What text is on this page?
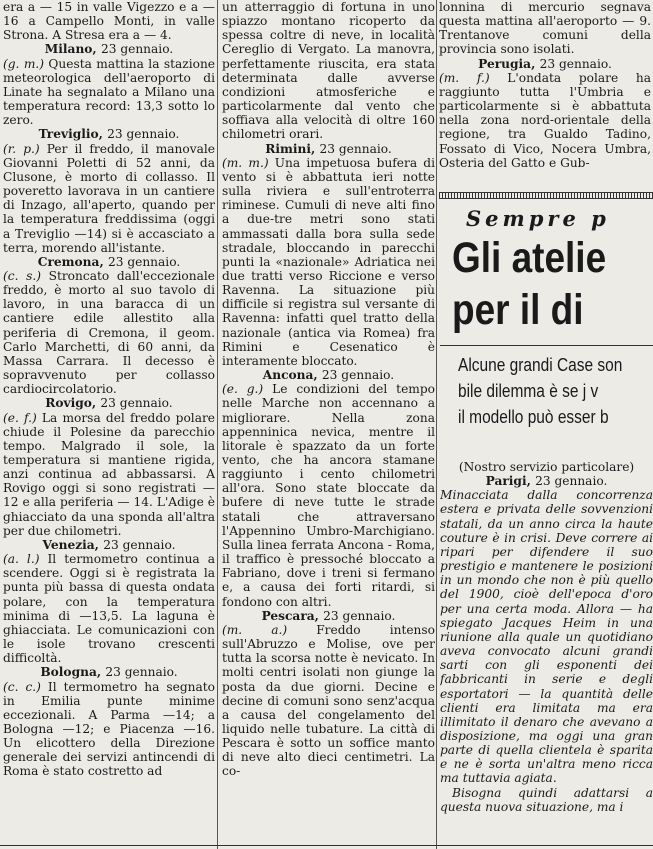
era a — 15 in valle Vigezzo e a — 16 a Campello Monti, in valle Strona. A Stresa era a — 4.

Milano, 23 gennaio.

(g. m.) Questa mattina la stazione meteorologica dell'aeroporto di Linate ha segnalato a Milano una temperatura record: 13,3 sotto lo zero.

Treviglio, 23 gennaio.

(r. p.) Per il freddo, il manovale Giovanni Poletti di 52 anni, da Clusone, è morto di collasso. Il poveretto lavorava in un cantiere di Inzago, all'aperto, quando per la temperatura freddissima (oggi a Treviglio —14) si è accasciato a terra, morendo all'istante.

Cremona, 23 gennaio.

(c. s.) Stroncato dall'eccezionale freddo, è morto al suo tavolo di lavoro, in una baracca di un cantiere edile allestito alla periferia di Cremona, il geom. Carlo Marchetti, di 60 anni, da Massa Carrara. Il decesso è sopravvenuto per collasso cardiocircolatorio.

Rovigo, 23 gennaio.

(e. f.) La morsa del freddo polare chiude il Polesine da parecchio tempo. Malgrado il sole, la temperatura si mantiene rigida, anzi continua ad abbassarsi. A Rovigo oggi si sono registrati — 12 e alla periferia — 14. L'Adige è ghiacciato da una sponda all'altra per due chilometri.

Venezia, 23 gennaio.

(a. l.) Il termometro continua a scendere. Oggi si è registrata la punta più bassa di questa ondata polare, con la temperatura minima di —13,5. La laguna è ghiacciata. Le comunicazioni con le isole trovano crescenti difficoltà.

Bologna, 23 gennaio.

(c. c.) Il termometro ha segnato in Emilia punte minime eccezionali. A Parma —14; a Bologna —12; e Piacenza —16. Un elicottero della Direzione generale dei servizi antincendi di Roma è stato costretto ad

un atterraggio di fortuna in uno spiazzo montano ricoperto da spessa coltre di neve, in località Cereglio di Vergato. La manovra, perfettamente riuscita, era stata determinata dalle avverse condizioni atmosferiche e particolarmente dal vento che soffiava alla velocità di oltre 160 chilometri orari.

Rimini, 23 gennaio.

(m. m.) Una impetuosa bufera di vento si è abbattuta ieri notte sulla riviera e sull'entroterra riminese. Cumuli di neve alti fino a due-tre metri sono stati ammassati dalla bora sulla sede stradale, bloccando in parecchi punti la «nazionale» Adriatica nei due tratti verso Riccione e verso Ravenna. La situazione più difficile si registra sul versante di Ravenna: infatti quel tratto della nazionale (antica via Romea) fra Rimini e Cesenatico è interamente bloccato.

Ancona, 23 gennaio.

(e. g.) Le condizioni del tempo nelle Marche non accennano a migliorare. Nella zona appenninica nevica, mentre il litorale è spazzato da un forte vento, che ha ancora stamane raggiunto i cento chilometri all'ora. Sono state bloccate da bufere di neve tutte le strade statali che attraversano l'Appennino Umbro-Marchigiano. Sulla linea ferrata Ancona - Roma, il traffico è pressoché bloccato a Fabriano, dove i treni si fermano e, a causa dei forti ritardi, si fondono con altri.

Pescara, 23 gennaio.

(m. a.) Freddo intenso sull'Abruzzo e Molise, ove per tutta la scorsa notte è nevicato. In molti centri isolati non giunge la posta da due giorni. Decine e decine di comuni sono senz'acqua a causa del congelamento del liquido nelle tubature. La città di Pescara è sotto un soffice manto di neve alto dieci centimetri. La co-

lonnina di mercurio segnava questa mattina all'aeroporto — 9. Trentanove comuni della provincia sono isolati.

Perugia, 23 gennaio.

(m. f.) L'ondata polare ha raggiunto tutta l'Umbria e particolarmente si è abbattuta nella zona nord-orientale della regione, tra Gualdo Tadino, Fossato di Vico, Nocera Umbra, Osteria del Gatto e Gub-

Sempre p
Gli atelie
per il di
Alcune grandi Case son
bile dilemma è se j v
il modello può esser b

(Nostro servizio particolare)

Parigi, 23 gennaio.

Minacciata dalla concorrenza estera e privata delle sovvenzioni statali, da un anno circa la haute couture è in crisi. Deve correre ai ripari per difendere il suo prestigio e mantenere le posizioni in un mondo che non è più quello del 1900, cioè dell'epoca d'oro per una certa moda. Allora — ha spiegato Jacques Heim in una riunione alla quale un quotidiano aveva convocato alcuni grandi sarti con gli esponenti dei fabbricanti in serie e degli esportatori — la quantità delle clienti era limitata ma era illimitato il denaro che avevano a disposizione, ma oggi una gran parte di quella clientela è sparita e ne è sorta un'altra meno ricca ma tuttavia agiata.

Bisogna quindi adattarsi a questa nuova situazione, ma i
